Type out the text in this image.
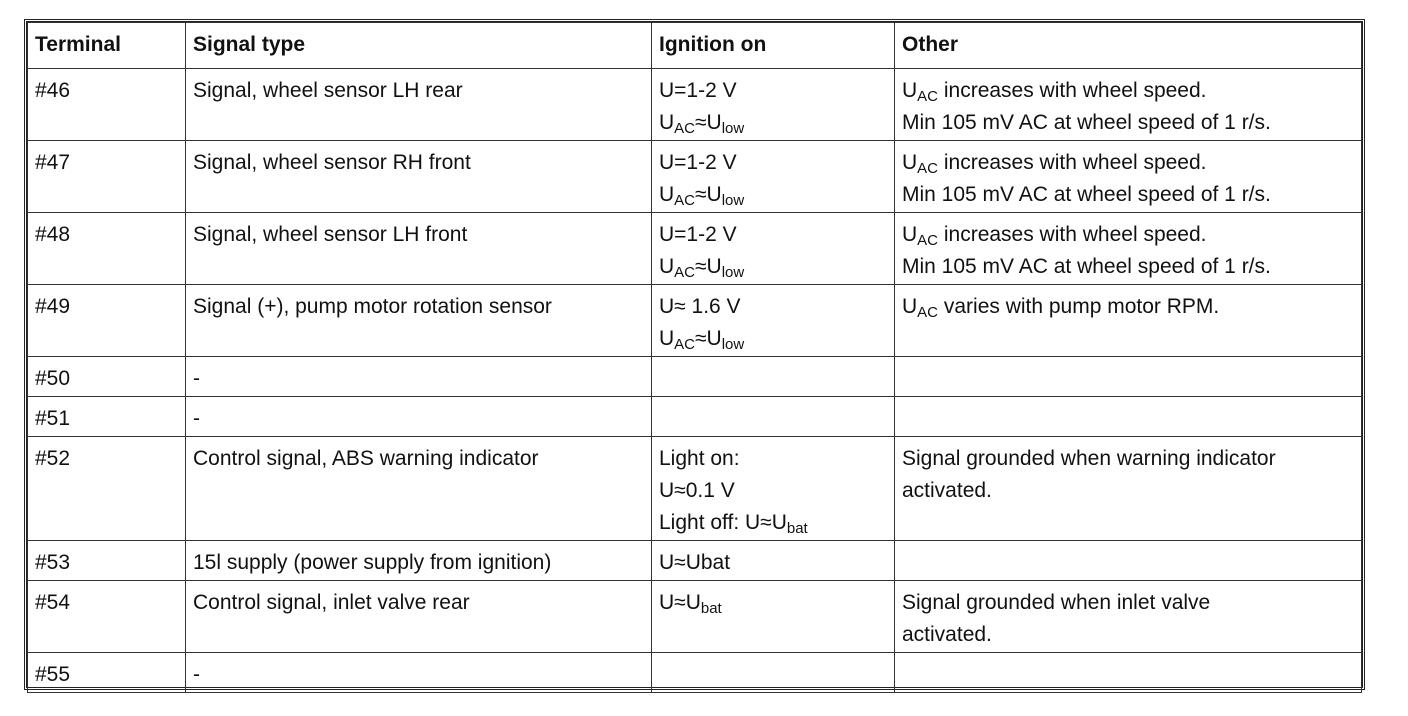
Terminal	Signal type	Ignition on	Other
#46	Signal, wheel sensor LH rear	U=1-2 V
$U_{AC}\approx U_{low}$	$U_{AC}$ increases with wheel speed.
Min 105 mV AC at wheel speed of 1 r/s.

#47	Signal, wheel sensor RH front	U=1-2 V
$U_{AC}\approx U_{low}$	$U_{AC}$ increases with wheel speed.
Min 105 mV AC at wheel speed of 1 r/s.

#48	Signal, wheel sensor LH front	U=1-2 V
$U_{AC}\approx U_{low}$	$U_{AC}$ increases with wheel speed.
Min 105 mV AC at wheel speed of 1 r/s.

#49	Signal (+), pump motor rotation sensor	U≈ 1.6 V
$U_{AC}\approx U_{low}$	$U_{AC}$ varies with pump motor RPM.

#50	-		
#51	-		
#52	Control signal, ABS warning indicator	Light on:
U≈0.1 V
Light off: $U\approx U_{bat}$	Signal grounded when warning indicator
activated.

#53	15l supply (power supply from ignition)	U≈Ubat	

#54	Control signal, inlet valve rear	$U\approx U_{bat}$	Signal grounded when inlet valve
activated.

#55	-		
